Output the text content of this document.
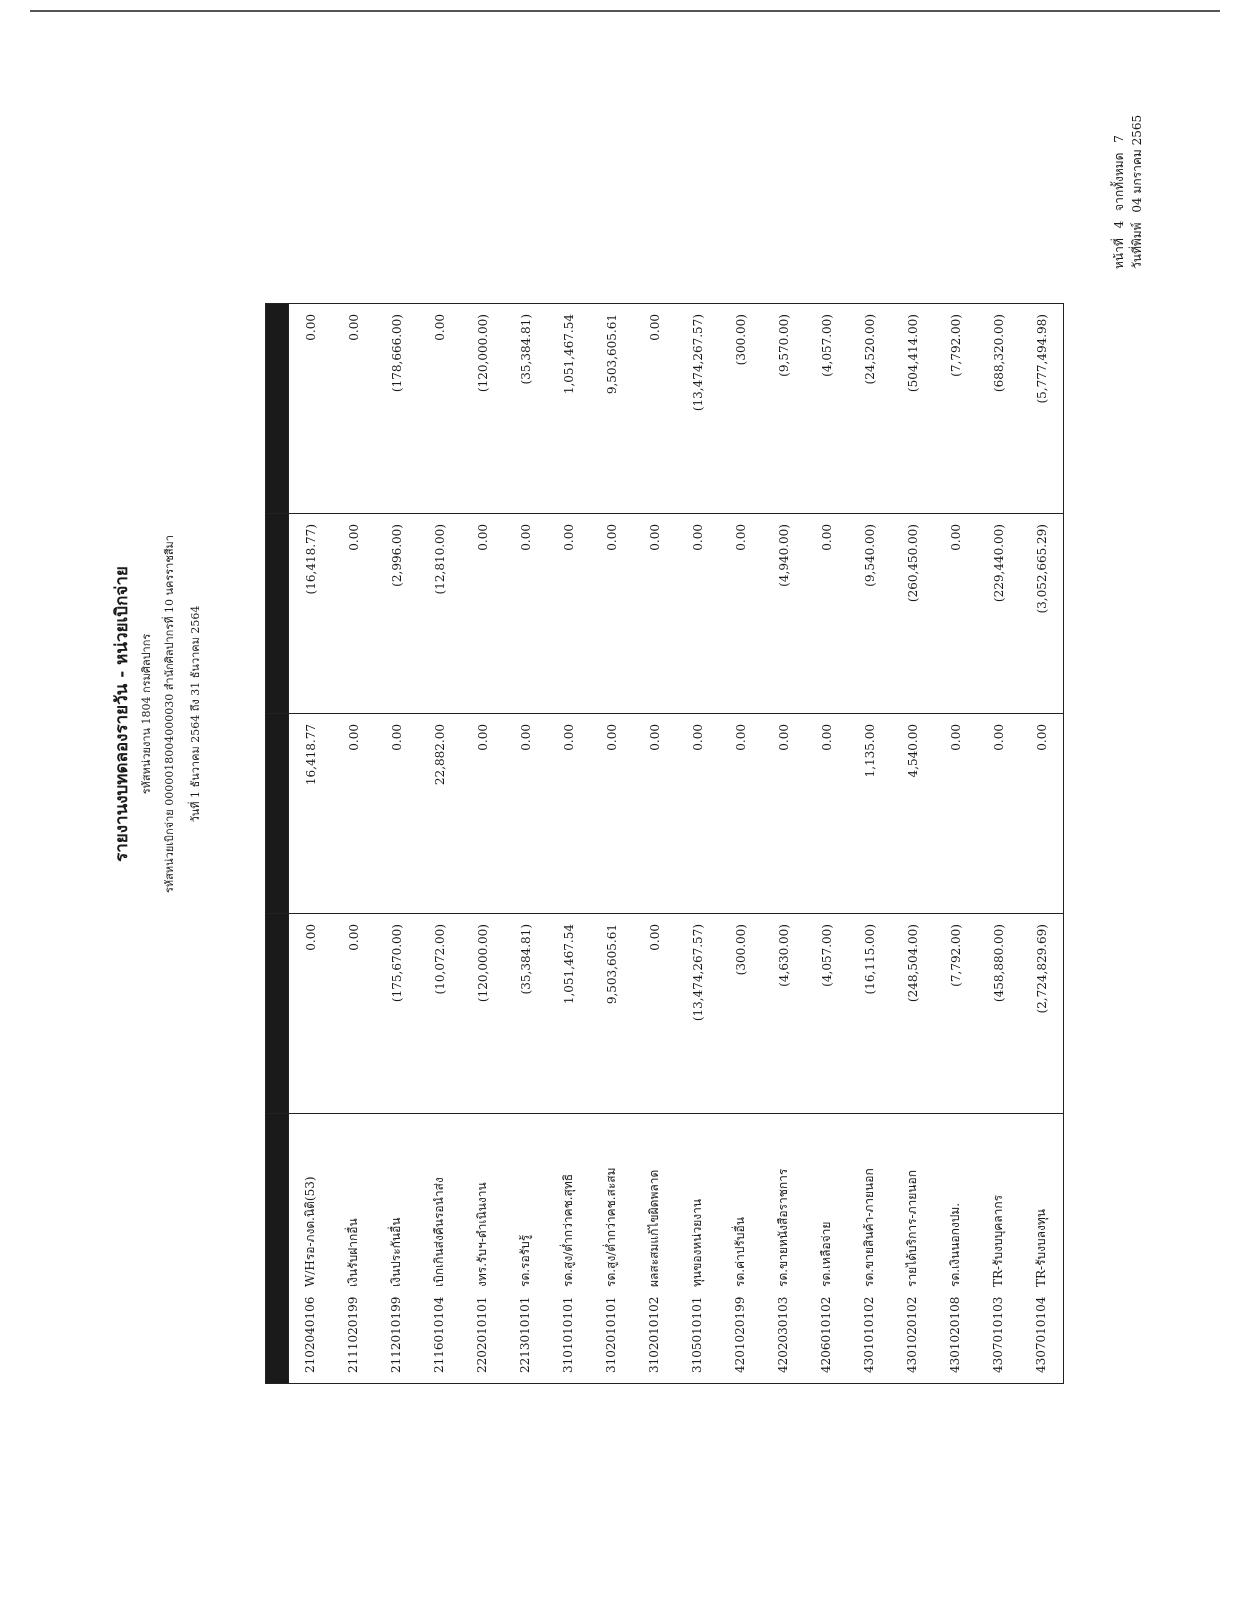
หน้าที่ 4 จากทั้งหมด 7
วันที่พิมพ์ 04 มกราคม 2565
รายงานงบทดลองรายวัน - หน่วยเบิกจ่าย รหัสหน่วยงาน 1804 กรมศิลปากร รหัสหน่วยเบิกจ่าย 0000018004000030 สำนักศิลปากรที่ 10 นครราชสีมา วันที่ 1 ธันวาคม 2564 ถึง 31 ธันวาคม 2564

2102040106W/Hรอ-ภงด.นิติ(53)	0.00	16,418.77	(16,418.77)	0.00
2111020199เงินรับฝากอื่น	0.00	0.00	0.00	0.00
2112010199เงินประกันอื่น	(175,670.00)	0.00	(2,996.00)	(178,666.00)
2116010104เบิกเกินส่งคืนรอนำส่ง	(10,072.00)	22,882.00	(12,810.00)	0.00
2202010101งทร.รับฯ-ดำเนินงาน	(120,000.00)	0.00	0.00	(120,000.00)
2213010101รด.รอรับรู้	(35,384.81)	0.00	0.00	(35,384.81)
3101010101รด.สูง/ต่ำกว่าคช.สุทธิ	1,051,467.54	0.00	0.00	1,051,467.54
3102010101รด.สูง/ต่ำกว่าคช.สะสม	9,503,605.61	0.00	0.00	9,503,605.61
3102010102ผลสะสมแก้ไขผิดพลาด	0.00	0.00	0.00	0.00
3105010101ทุนของหน่วยงาน	(13,474,267.57)	0.00	0.00	(13,474,267.57)
4201020199รด.ค่าปรับอื่น	(300.00)	0.00	0.00	(300.00)
4202030103รด.ขายหนังสือราชการ	(4,630.00)	0.00	(4,940.00)	(9,570.00)
4206010102รด.เหลือจ่าย	(4,057.00)	0.00	0.00	(4,057.00)
4301010102รด.ขายสินค้า-ภายนอก	(16,115.00)	1,135.00	(9,540.00)	(24,520.00)
4301020102รายได้บริการ-ภายนอก	(248,504.00)	4,540.00	(260,450.00)	(504,414.00)
4301020108รด.เงินนอกงปม.	(7,792.00)	0.00	0.00	(7,792.00)
4307010103TR-รับงบบุคลากร	(458,880.00)	0.00	(229,440.00)	(688,320.00)
4307010104TR-รับงบลงทุน	(2,724,829.69)	0.00	(3,052,665.29)	(5,777,494.98)
